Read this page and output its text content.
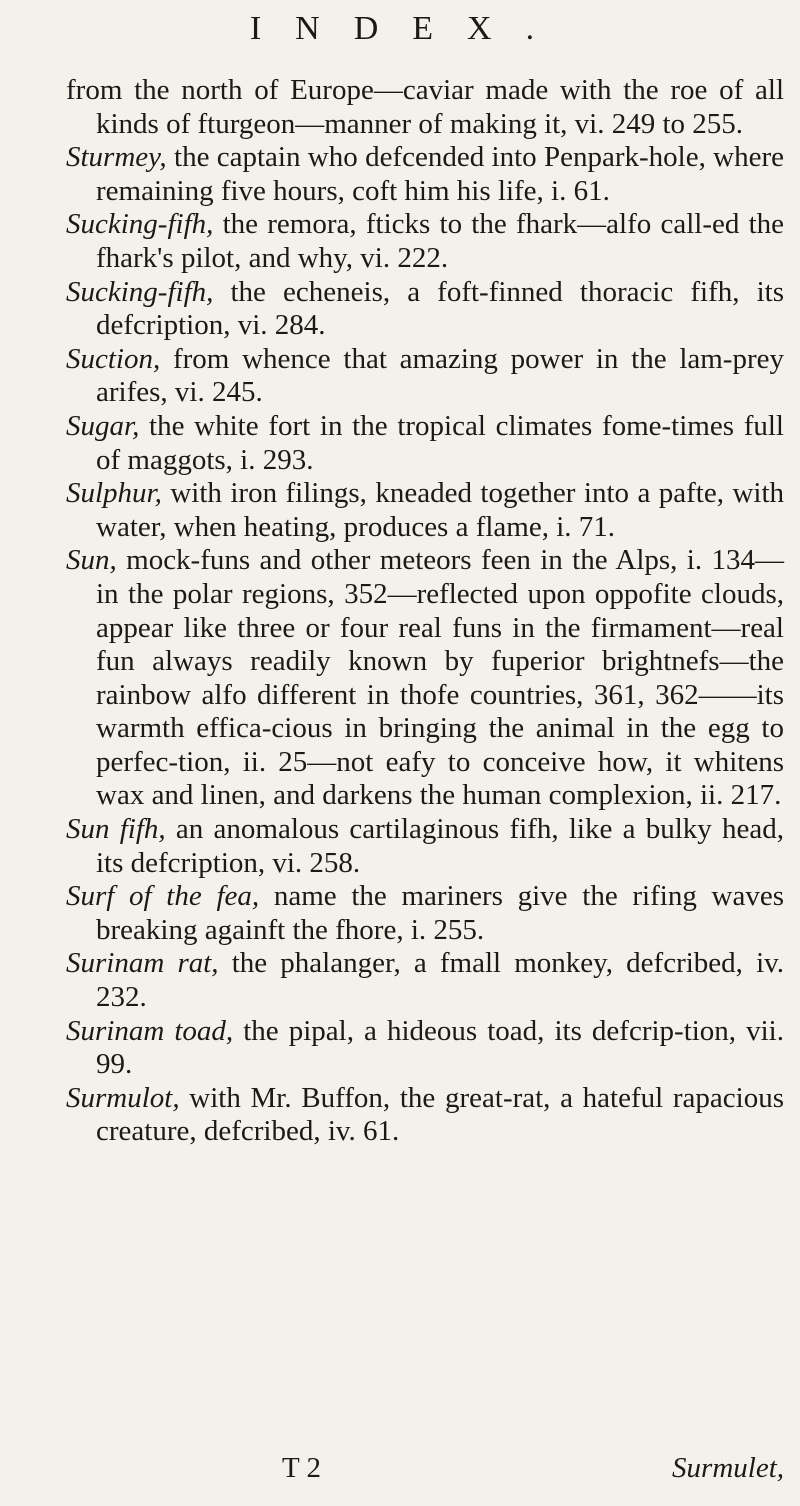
INDEX.

from the north of Europe—caviar made with the roe of all kinds of fturgeon—manner of making it, vi. 249 to 255.

Sturmey, the captain who defcended into Penpark-hole, where remaining five hours, coft him his life, i. 61.

Sucking-fifh, the remora, fticks to the fhark—alfo call-ed the fhark's pilot, and why, vi. 222.

Sucking-fifh, the echeneis, a foft-finned thoracic fifh, its defcription, vi. 284.

Suction, from whence that amazing power in the lam-prey arifes, vi. 245.

Sugar, the white fort in the tropical climates fome-times full of maggots, i. 293.

Sulphur, with iron filings, kneaded together into a pafte, with water, when heating, produces a flame, i. 71.

Sun, mock-funs and other meteors feen in the Alps, i. 134—in the polar regions, 352—reflected upon oppofite clouds, appear like three or four real funs in the firmament—real fun always readily known by fuperior brightnefs—the rainbow alfo different in thofe countries, 361, 362——its warmth effica-cious in bringing the animal in the egg to perfec-tion, ii. 25—not eafy to conceive how, it whitens wax and linen, and darkens the human complexion, ii. 217.

Sun fifh, an anomalous cartilaginous fifh, like a bulky head, its defcription, vi. 258.

Surf of the fea, name the mariners give the rifing waves breaking againft the fhore, i. 255.

Surinam rat, the phalanger, a fmall monkey, defcribed, iv. 232.

Surinam toad, the pipal, a hideous toad, its defcrip-tion, vii. 99.

Surmulot, with Mr. Buffon, the great-rat, a hateful rapacious creature, defcribed, iv. 61.

T 2	Surmulet,
